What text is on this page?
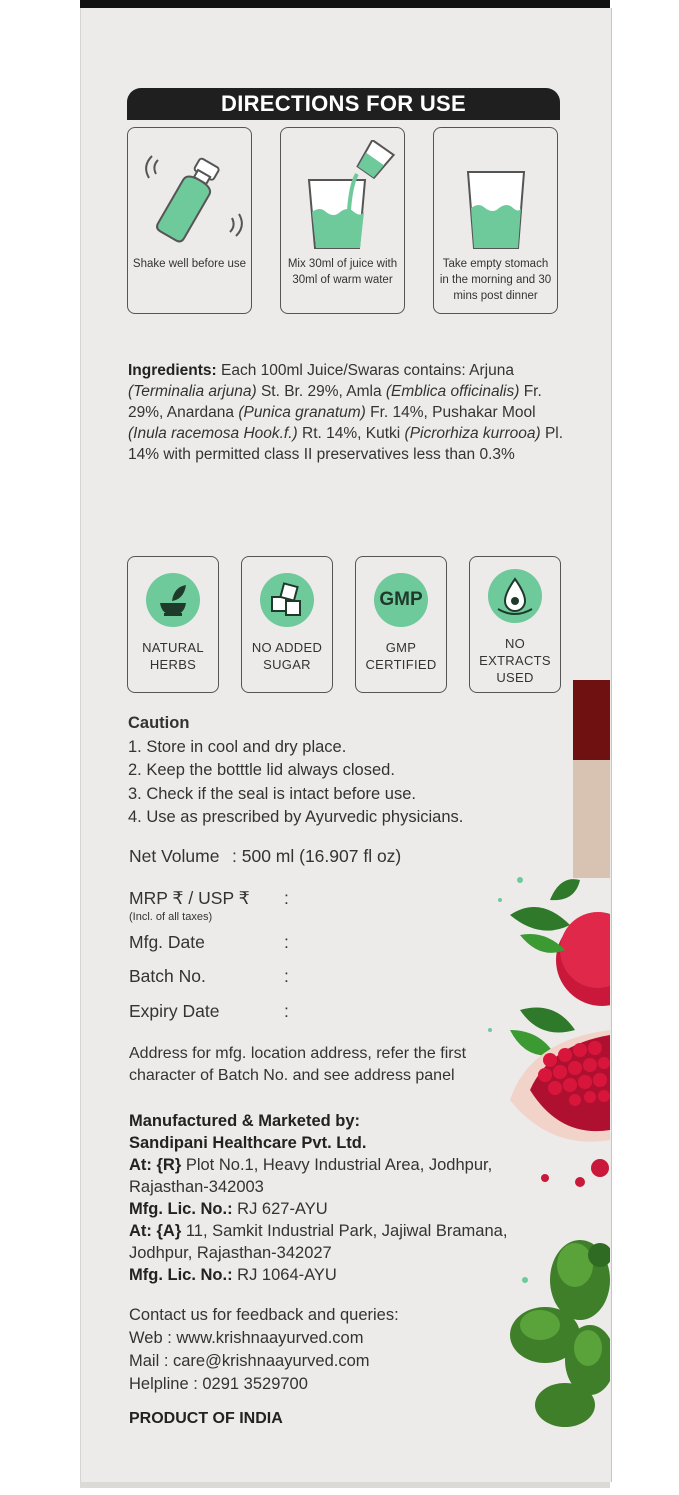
DIRECTIONS FOR USE
Shake well before use	Mix 30ml of juice with 30ml of warm water
Take empty stomach in the morning and 30 mins post dinner
Ingredients: Each 100ml Juice/Swaras contains: Arjuna (Terminalia arjuna) St. Br. 29%, Amla (Emblica officinalis) Fr. 29%, Anardana (Punica granatum) Fr. 14%, Pushakar Mool (Inula racemosa Hook.f.) Rt. 14%, Kutki (Picrorhiza kurrooa) Pl. 14% with permitted class II preservatives less than 0.3%
NATURAL HERBS
NO ADDED SUGAR
GMP
GMP CERTIFIED
NO EXTRACTS USED
Caution
1. Store in cool and dry place.
2. Keep the botttle lid always closed.
3. Check if the seal is intact before use.
4. Use as prescribed by Ayurvedic physicians.
Net Volume : 500 ml (16.907 fl oz)
MRP ₹ / USP ₹ :
(Incl. of all taxes)
Mfg. Date	:
Batch No.	:
Expiry Date	:
Address for mfg. location address, refer the first character of Batch No. and see address panel
Manufactured & Marketed by:
Sandipani Healthcare Pvt. Ltd.
At: {R} Plot No.1, Heavy Industrial Area, Jodhpur, Rajasthan-342003
Mfg. Lic. No.: RJ 627-AYU
At: {A} 11, Samkit Industrial Park, Jajiwal Bramana, Jodhpur, Rajasthan-342027
Mfg. Lic. No.: RJ 1064-AYU
Contact us for feedback and queries:
Web : www.krishnaayurved.com
Mail : care@krishnaayurved.com
Helpline : 0291 3529700
PRODUCT OF INDIA
